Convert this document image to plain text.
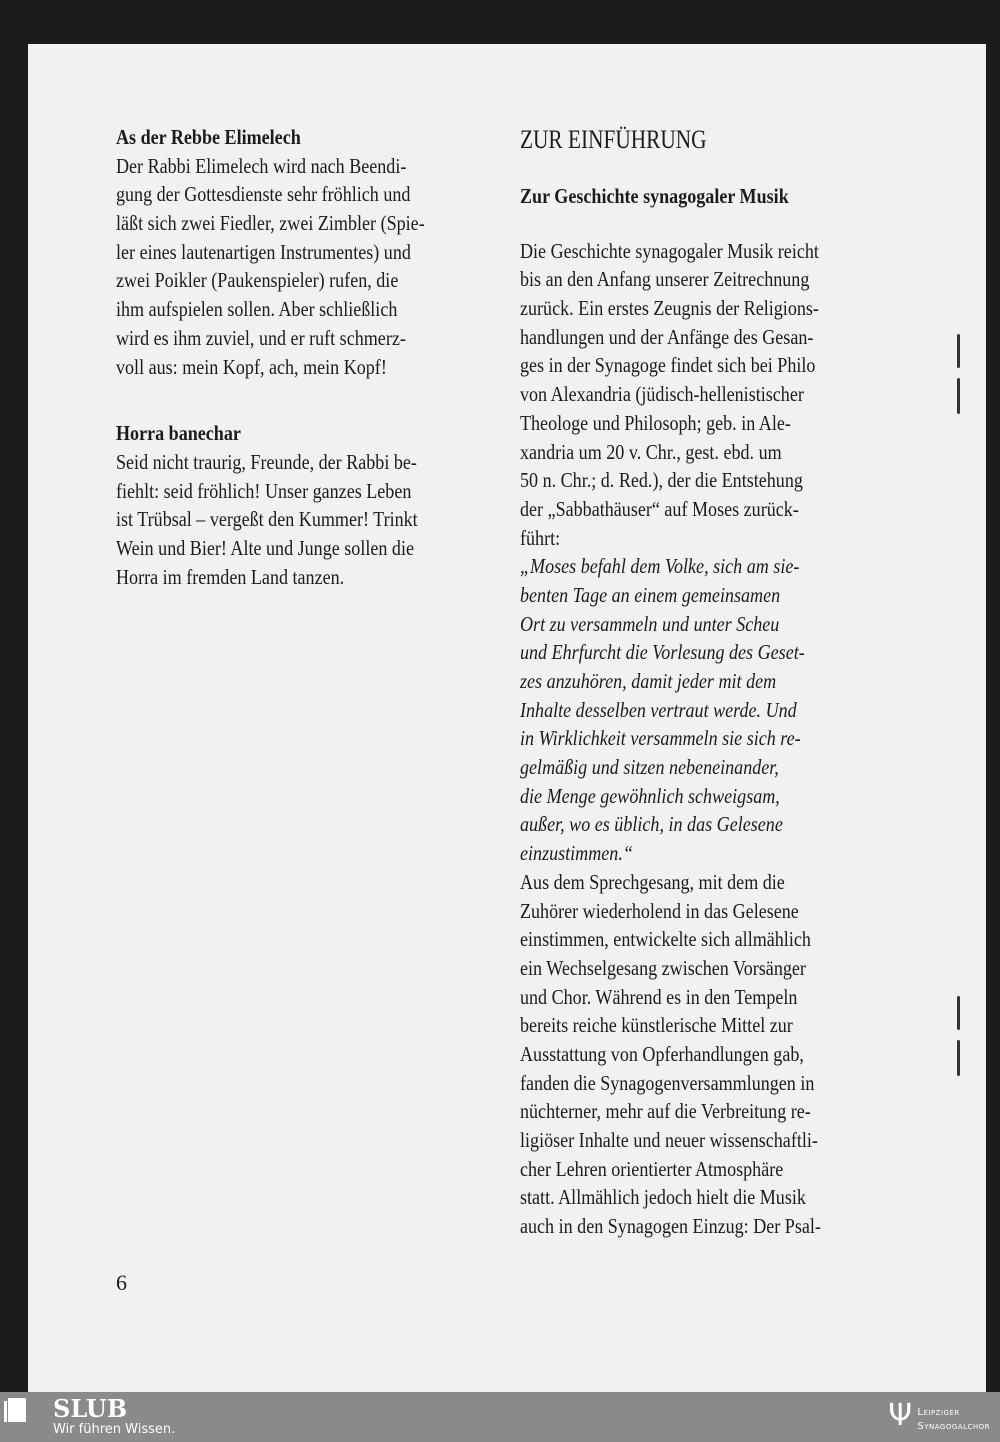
As der Rebbe Elimelech
Der Rabbi Elimelech wird nach Beendi-
gung der Gottesdienste sehr fröhlich und
läßt sich zwei Fiedler, zwei Zimbler (Spie-
ler eines lautenartigen Instrumentes) und
zwei Poikler (Paukenspieler) rufen, die
ihm aufspielen sollen. Aber schließlich
wird es ihm zuviel, und er ruft schmerz-
voll aus: mein Kopf, ach, mein Kopf!
Horra banechar
Seid nicht traurig, Freunde, der Rabbi be-
fiehlt: seid fröhlich! Unser ganzes Leben
ist Trübsal – vergeßt den Kummer! Trinkt
Wein und Bier! Alte und Junge sollen die
Horra im fremden Land tanzen.
ZUR EINFÜHRUNG
Zur Geschichte synagogaler Musik
Die Geschichte synagogaler Musik reicht
bis an den Anfang unserer Zeitrechnung
zurück. Ein erstes Zeugnis der Religions-
handlungen und der Anfänge des Gesan-
ges in der Synagoge findet sich bei Philo
von Alexandria (jüdisch-hellenistischer
Theologe und Philosoph; geb. in Ale-
xandria um 20 v. Chr., gest. ebd. um
50 n. Chr.; d. Red.), der die Entstehung
der „Sabbathäuser“ auf Moses zurück-
führt:
„Moses befahl dem Volke, sich am sie-
benten Tage an einem gemeinsamen
Ort zu versammeln und unter Scheu
und Ehrfurcht die Vorlesung des Geset-
zes anzuhören, damit jeder mit dem
Inhalte desselben vertraut werde. Und
in Wirklichkeit versammeln sie sich re-
gelmäßig und sitzen nebeneinander,
die Menge gewöhnlich schweigsam,
außer, wo es üblich, in das Gelesene
einzustimmen.“
Aus dem Sprechgesang, mit dem die
Zuhörer wiederholend in das Gelesene
einstimmen, entwickelte sich allmählich
ein Wechselgesang zwischen Vorsänger
und Chor. Während es in den Tempeln
bereits reiche künstlerische Mittel zur
Ausstattung von Opferhandlungen gab,
fanden die Synagogenversammlungen in
nüchterner, mehr auf die Verbreitung re-
ligiöser Inhalte und neuer wissenschaftli-
cher Lehren orientierter Atmosphäre
statt. Allmählich jedoch hielt die Musik
auch in den Synagogen Einzug: Der Psal-
6
SLUB
Wir führen Wissen.	Ψ Leipziger
Synagogalchor
